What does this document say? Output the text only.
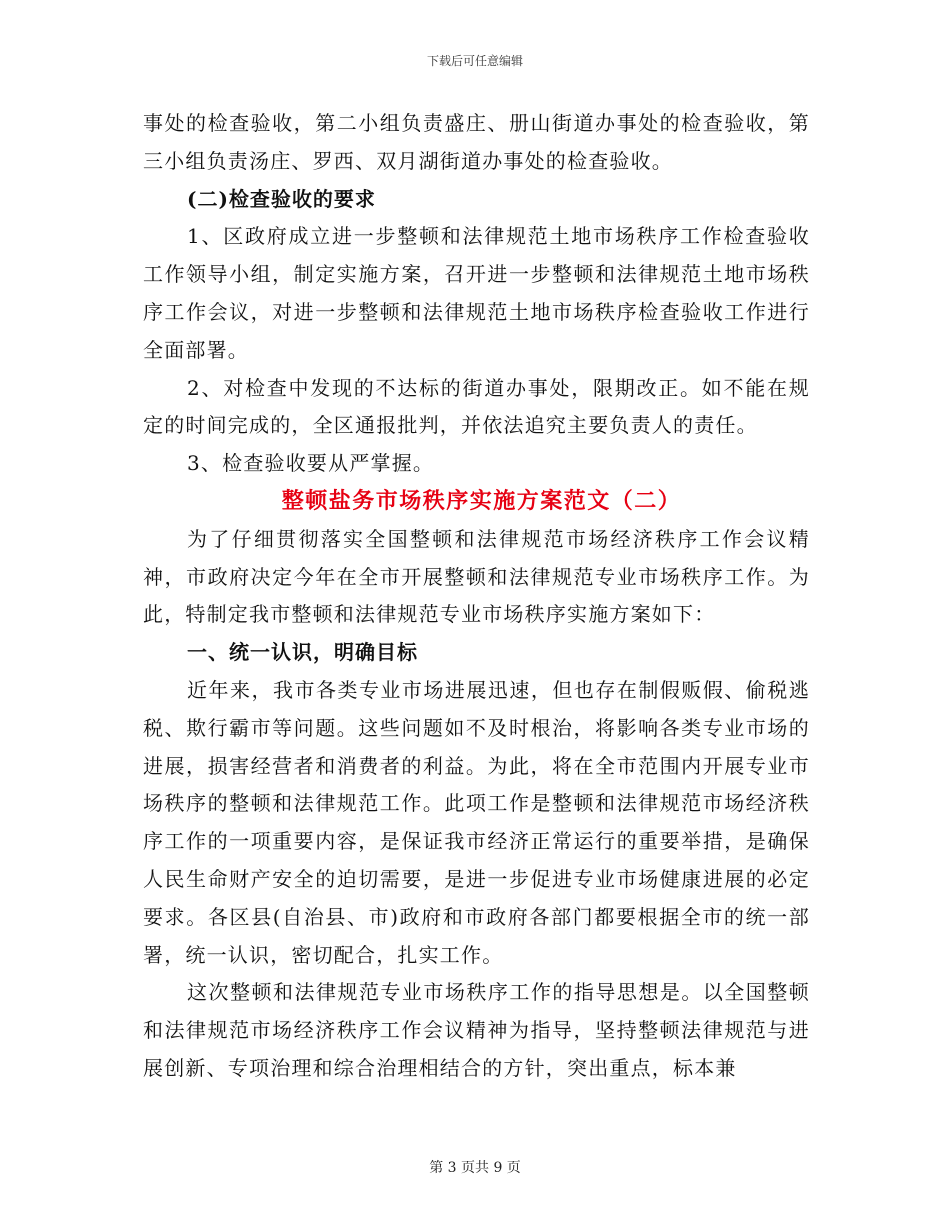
下载后可任意编辑

事处的检查验收，第二小组负责盛庄、册山街道办事处的检查验收，第三小组负责汤庄、罗西、双月湖街道办事处的检查验收。

(二)检查验收的要求

1、区政府成立进一步整顿和法律规范土地市场秩序工作检查验收工作领导小组，制定实施方案，召开进一步整顿和法律规范土地市场秩序工作会议，对进一步整顿和法律规范土地市场秩序检查验收工作进行全面部署。

2、对检查中发现的不达标的街道办事处，限期改正。如不能在规定的时间完成的，全区通报批判，并依法追究主要负责人的责任。

3、检查验收要从严掌握。

整顿盐务市场秩序实施方案范文（二）

为了仔细贯彻落实全国整顿和法律规范市场经济秩序工作会议精神，市政府决定今年在全市开展整顿和法律规范专业市场秩序工作。为此，特制定我市整顿和法律规范专业市场秩序实施方案如下：

一、统一认识，明确目标

近年来，我市各类专业市场进展迅速，但也存在制假贩假、偷税逃税、欺行霸市等问题。这些问题如不及时根治，将影响各类专业市场的进展，损害经营者和消费者的利益。为此，将在全市范围内开展专业市场秩序的整顿和法律规范工作。此项工作是整顿和法律规范市场经济秩序工作的一项重要内容，是保证我市经济正常运行的重要举措，是确保人民生命财产安全的迫切需要，是进一步促进专业市场健康进展的必定要求。各区县(自治县、市)政府和市政府各部门都要根据全市的统一部署，统一认识，密切配合，扎实工作。

这次整顿和法律规范专业市场秩序工作的指导思想是。以全国整顿和法律规范市场经济秩序工作会议精神为指导，坚持整顿法律规范与进展创新、专项治理和综合治理相结合的方针，突出重点，标本兼

第 3 页共 9 页
